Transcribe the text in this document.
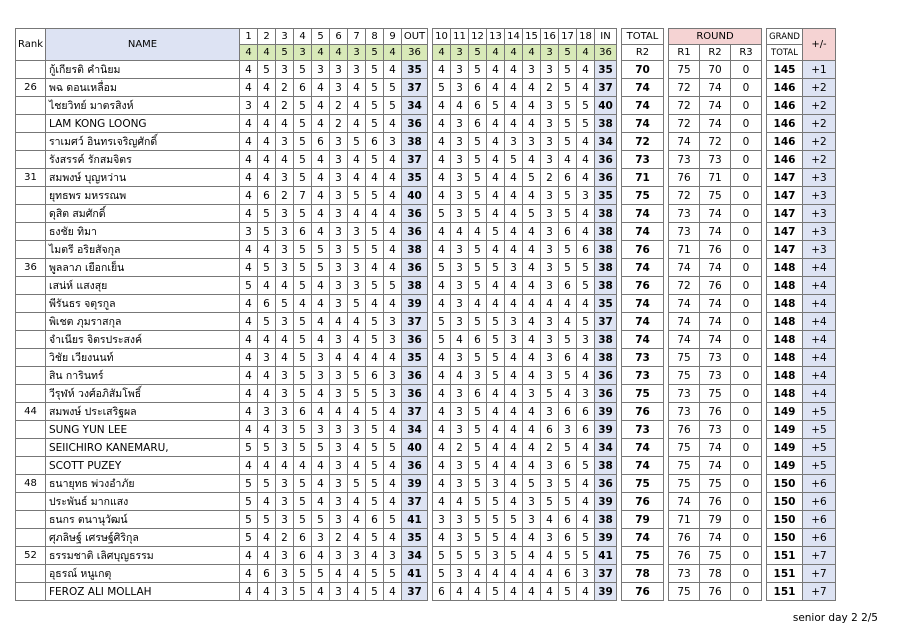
Rank	NAME	1	2	3	4	5	6	7	8	9	OUT		10	11	12	13	14	15	16	17	18	IN		TOTAL		ROUND				GRAND	+/-
		4	4	5	3	4	4	3	5	4	36		4	3	5	4	4	4	3	5	4	36		R2		R1	R2	R3		TOTAL	
	กู้เกียรติ คำนิยม	4	5	3	5	3	3	3	5	4	35		4	3	5	4	4	3	3	5	4	35		70		75	70	0		145	+1
26	พฉ ดอนเหลื่อม	4	4	2	6	4	3	4	5	5	37		5	3	6	4	4	4	2	5	4	37		74		72	74	0		146	+2
	ไชยวิทย์ มาตรสิงห์	3	4	2	5	4	2	4	5	5	34		4	4	6	5	4	4	3	5	5	40		74		72	74	0		146	+2
	LAM KONG LOONG	4	4	4	5	4	2	4	5	4	36		4	3	6	4	4	4	3	5	5	38		74		72	74	0		146	+2
	ราเมศว์ อินทรเจริญศักดิ์	4	4	3	5	6	3	5	6	3	38		4	3	5	4	3	3	3	5	4	34		72		74	72	0		146	+2
	รังสรรค์ รักสมจิตร	4	4	4	5	4	3	4	5	4	37		4	3	5	4	5	4	3	4	4	36		73		73	73	0		146	+2
31	สมพงษ์ บุญหว่าน	4	4	3	5	4	3	4	4	4	35		4	3	5	4	4	5	2	6	4	36		71		76	71	0		147	+3
	ยุทธพร มหรรณพ	4	6	2	7	4	3	5	5	4	40		4	3	5	4	4	4	3	5	3	35		75		72	75	0		147	+3
	ดุสิต สมศักดิ์	4	5	3	5	4	3	4	4	4	36		5	3	5	4	4	5	3	5	4	38		74		73	74	0		147	+3
	ธงชัย ทิมา	3	5	3	6	4	3	3	5	4	36		4	4	4	5	4	4	3	6	4	38		74		73	74	0		147	+3
	ไมตรี อริยสัจกุล	4	4	3	5	5	3	5	5	4	38		4	3	5	4	4	4	3	5	6	38		76		71	76	0		147	+3
36	พูลลาภ เยือกเย็น	4	5	3	5	5	3	3	4	4	36		5	3	5	5	3	4	3	5	5	38		74		74	74	0		148	+4
	เสน่ห์ แสงสุย	5	4	4	5	4	3	3	5	5	38		4	3	5	4	4	4	3	6	5	38		76		72	76	0		148	+4
	พีรันธร จตุรกูล	4	6	5	4	4	3	5	4	4	39		4	3	4	4	4	4	4	4	4	35		74		74	74	0		148	+4
	พิเชต ภุมราสกุล	4	5	3	5	4	4	4	5	3	37		5	3	5	5	3	4	3	4	5	37		74		74	74	0		148	+4
	จำเนียร จิตรประสงค์	4	4	4	5	4	3	4	5	3	36		5	4	6	5	3	4	3	5	3	38		74		74	74	0		148	+4
	วิชัย เวียงนนท์	4	3	4	5	3	4	4	4	4	35		4	3	5	5	4	4	3	6	4	38		73		75	73	0		148	+4
	สิน การินทร์	4	4	3	5	3	3	5	6	3	36		4	4	3	5	4	4	3	5	4	36		73		75	73	0		148	+4
	วีรุฬห์ วงศ์อภิสัมโพธิ์	4	4	3	5	4	3	5	5	3	36		4	3	6	4	4	3	5	4	3	36		75		73	75	0		148	+4
44	สมพงษ์ ประเสริฐผล	4	3	3	6	4	4	4	5	4	37		4	3	5	4	4	4	3	6	6	39		76		73	76	0		149	+5
	SUNG YUN LEE	4	4	3	5	3	3	3	5	4	34		4	3	5	4	4	4	6	3	6	39		73		76	73	0		149	+5
	SEIICHIRO KANEMARU,	5	5	3	5	5	3	4	5	5	40		4	2	5	4	4	4	2	5	4	34		74		75	74	0		149	+5
	SCOTT PUZEY	4	4	4	4	4	3	4	5	4	36		4	3	5	4	4	4	3	6	5	38		74		75	74	0		149	+5
48	ธนายุทธ พ่วงอำภัย	5	5	3	5	4	3	5	5	4	39		4	3	5	3	4	5	3	5	4	36		75		75	75	0		150	+6
	ประพันธ์ มากแสง	5	4	3	5	4	3	4	5	4	37		4	4	5	5	4	3	5	5	4	39		76		74	76	0		150	+6
	ธนกร ตนานุวัฒน์	5	5	3	5	5	3	4	6	5	41		3	3	5	5	5	3	4	6	4	38		79		71	79	0		150	+6
	ศุภลิษฐ์ เศรษฐ์ศิริกุล	5	4	2	6	3	2	4	5	4	35		4	3	5	5	4	4	3	6	5	39		74		76	74	0		150	+6
52	ธรรมชาติ เลิศบุญธรรม	4	4	3	6	4	3	3	4	3	34		5	5	5	3	5	4	4	5	5	41		75		76	75	0		151	+7
	อุธรณ์ หนูเกตุ	4	6	3	5	5	4	4	5	5	41		5	3	4	4	4	4	4	6	3	37		78		73	78	0		151	+7
	FEROZ ALI MOLLAH	4	4	3	5	4	3	4	5	4	37		6	4	4	5	4	4	4	5	4	39		76		75	76	0		151	+7
senior day 2 2/5
